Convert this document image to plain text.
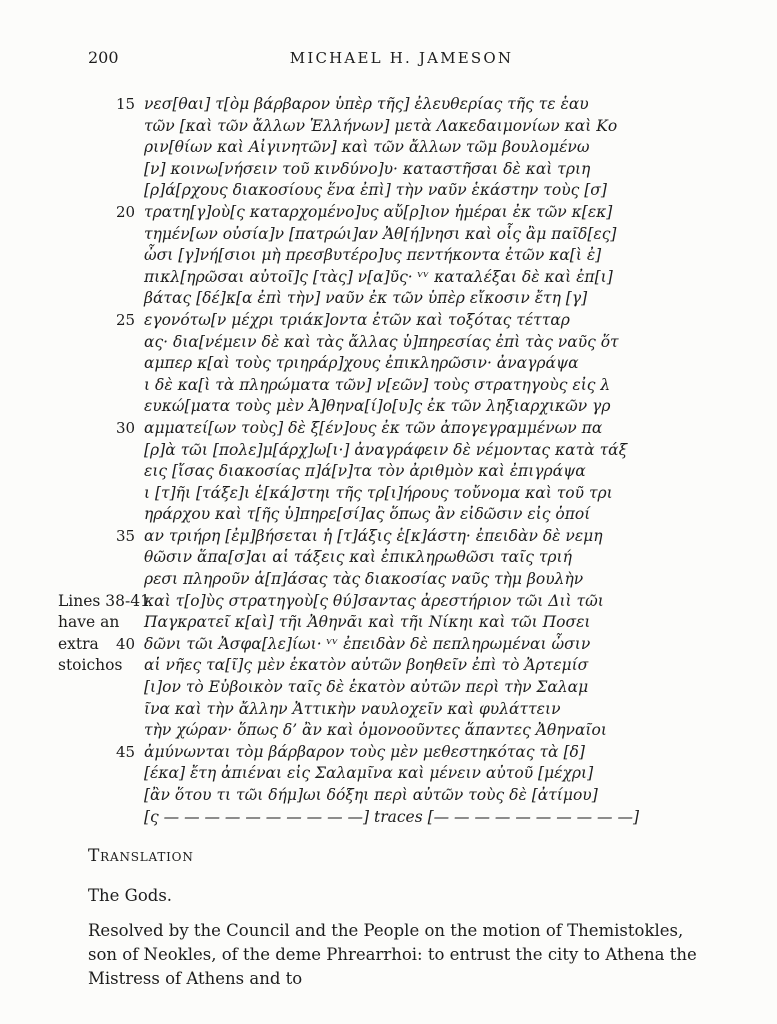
200	MICHAEL H. JAMESON
15 νεσ[θαι] τ[ὸμ βάρβαρον ὑπὲρ τῆς] ἐλευθερίας τῆς τε ἑαυ
τῶν [καὶ τῶν ἄλλων Ἑλλήνων] μετὰ Λακεδαιμονίων καὶ Κο
ριν[θίων καὶ Αἰγινητῶν] καὶ τῶν ἄλλων τῶμ βουλομένω
[ν] κοινω[νήσειν τοῦ κινδύνο]υ· καταστῆσαι δὲ καὶ τριη
[ρ]ά[ρχους διακοσίους ἕνα ἐπὶ] τὴν ναῦν ἑκάστην τοὺς [σ]
20 τρατη[γ]οὺ[ς καταρχομένο]υς αὔ[ρ]ιον ἡμέραι ἐκ τῶν κ[εκ]
τημέν[ων οὐσία]ν [πατρώι]αν Ἀθ[ή]νησι καὶ οἷς ἂμ παῖδ[ες]
ὦσι [γ]νή[σιοι μὴ πρεσβυτέρο]υς πεντήκοντα ἐτῶν κα[ὶ ἐ]
πικλ[ηρῶσαι αὐτοῖ]ς [τὰς] ν[α]ῦς· ᵛᵛ καταλέξαι δὲ καὶ ἐπ[ι]
βάτας [δέ]κ[α ἐπὶ τὴν] ναῦν ἐκ τῶν ὑπὲρ εἴκοσιν ἔτη [γ]
25 εγονότω[ν μέχρι τριάκ]οντα ἐτῶν καὶ τοξότας τέτταρ
ας· δια[νέμειν δὲ καὶ τὰς ἄλλας ὑ]πηρεσίας ἐπὶ τὰς ναῦς ὅτ
αμπερ κ[αὶ τοὺς τριηράρ]χους ἐπικληρῶσιν· ἀναγράψα
ι δὲ κα[ὶ τὰ πληρώματα τῶν] ν[εῶν] τοὺς στρατηγοὺς εἰς λ
ευκώ[ματα τοὺς μὲν Ἀ]θηνα[ί]ο[υ]ς ἐκ τῶν ληξιαρχικῶν γρ
30 αμματεί[ων τοὺς] δὲ ξ[έν]ους ἐκ τῶν ἀπογεγραμμένων πα
[ρ]ὰ τῶι [πολε]μ[άρχ]ω[ι·] ἀναγράφειν δὲ νέμοντας κατὰ τάξ
εις [ἴσας διακοσίας π]ά[ν]τα τὸν ἀριθμὸν καὶ ἐπιγράψα
ι [τ]ῆι [τάξε]ι ἑ[κά]στηι τῆς τρ[ι]ήρους τοὔνομα καὶ τοῦ τρι
ηράρχου καὶ τ[ῆς ὑ]πηρε[σί]ας ὅπως ἂν εἰδῶσιν εἰς ὁποί
35 αν τριήρη [ἐμ]βήσεται ἡ [τ]άξις ἑ[κ]άστη· ἐπειδὰν δὲ νεμη
θῶσιν ἅπα[σ]αι αἱ τάξεις καὶ ἐπικληρωθῶσι ταῖς τριή
ρεσι πληροῦν ἁ[π]άσας τὰς διακοσίας ναῦς τὴμ βουλὴν
Lines 38-41
καὶ τ[ο]ὺς στρατηγοὺ[ς θύ]σαντας ἀρεστήριον τῶι Διὶ τῶι
have an Παγκρατεῖ κ[αὶ] τῆι Ἀθηνᾶι καὶ τῆι Νίκηι καὶ τῶι Ποσει
extra	40 δῶνι τῶι Ἀσφα[λε]ίωι· ᵛᵛ ἐπειδὰν δὲ πεπληρωμέναι ὦσιν
stoichos αἱ νῆες τα[ῖ]ς μὲν ἑκατὸν αὐτῶν βοηθεῖν ἐπὶ τὸ Ἀρτεμίσ
[ι]ον τὸ Εὐβοικὸν ταῖς δὲ ἑκατὸν αὐτῶν περὶ τὴν Σαλαμ
ῖνα καὶ τὴν ἄλλην Ἀττικὴν ναυλοχεῖν καὶ φυλάττειν
τὴν χώραν· ὅπως δ’ ἂν καὶ ὁμονοοῦντες ἅπαντες Ἀθηναῖοι
45 ἀμύνωνται τὸμ βάρβαρον τοὺς μὲν μεθεστηκότας τὰ [δ]
[έκα] ἔτη ἀπιέναι εἰς Σαλαμῖνα καὶ μένειν αὐτοῦ [μέχρι]
[ἂν ὅτου τι τῶι δήμ]ωι δόξηι περὶ αὐτῶν τοὺς δὲ [ἀτίμου]
[ς — — — — — — — — — —] traces [— — — — — — — — — —]
Translation

The Gods.

Resolved by the Council and the People on the motion of Themistokles, son of Neokles, of the deme Phrearrhoi: to entrust the city to Athena the Mistress of Athens and to
